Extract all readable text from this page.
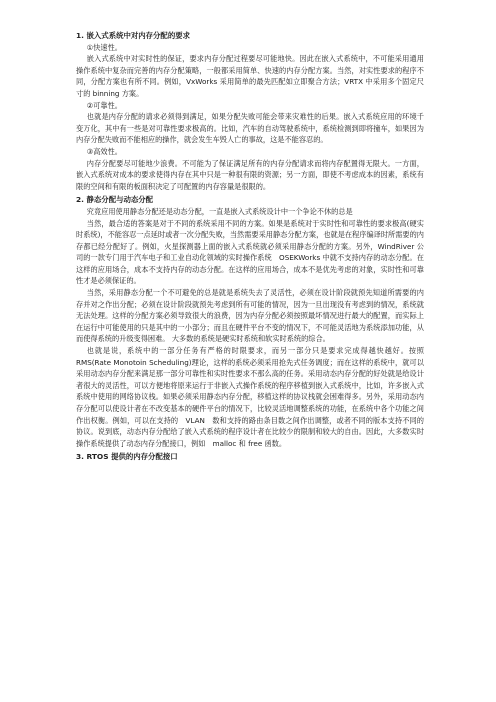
1. 嵌入式系统中对内存分配的要求

①快速性。

嵌入式系统中对实时性的保证，要求内存分配过程要尽可能地快。因此在嵌入式系统中，不可能采用通用操作系统中复杂而完善的内存分配策略，一般都采用简单、快速的内存分配方案。当然，对实性要求的程序不同，分配方案也有所不同。例如，VxWorks 采用简单的最先匹配如立即聚合方法；VRTX 中采用多个固定尺寸的 binning 方案。

②可靠性。

也就是内存分配的请求必须得到满足，如果分配失败可能会带来灾难性的后果。嵌入式系统应用的环境千变万化，其中有一些是对可靠性要求极高的。比如，汽车的自动驾驶系统中，系统检测到即将撞车，如果因为内存分配失败而不能相应的操作，就会发生车毁人亡的事故，这是不能容忍的。

③高效性。

内存分配要尽可能地少浪费。不可能为了保证满足所有的内存分配请求而将内存配置得无限大。一方面，嵌入式系统对成本的要求使得内存在其中只是一种很有限的资源；另一方面，即使不考虑成本的因素，系统有限的空间和有限的板面积决定了可配置的内存容量是很限的。

2. 静态分配与动态分配

究竟应用使用静态分配还是动态分配，一直是嵌入式系统设计中一个争论不休的总是

当然，最合适的答案是对于不同的系统采用不同的方案。如果是系统对于实时性和可靠性的要求极高(硬实时系统)，不能容忍一点延时或者一次分配失败，当然需要采用静态分配方案，也就是在程序编译时所需要的内存都已经分配好了。例如，火星探测器上面的嵌入式系统就必须采用静态分配的方案。另外，WindRiver 公司的一款专门用于汽车电子和工业自动化领域的实时操作系统　OSEKWorks 中就不支持内存的动态分配。在这样的应用场合，成本不支持内存的动态分配。在这样的应用场合，成本不是优先考虑的对象，实时性和可靠性才是必须保证的。

当然，采用静态分配一个不可避免的总是就是系统失去了灵活性，必须在设计阶段就预先知道所需要的内存并对之作出分配；必须在设计阶段就预先考虑到所有可能的情况，因为一旦出现没有考虑到的情况，系统就无法处理。这样的分配方案必须导致很大的浪费，因为内存分配必须按照最坏情况进行最大的配置，而实际上在运行中可能使用的只是其中的一小部分；而且在硬件平台不变的情况下，不可能灵活地为系统添加功能，从而使得系统的升级变得困难。 大多数的系统是硬实时系统和软实时系统的综合。

也就是说，系统中的一部分任务有严格的时限要求，而另一部分只是要求完成得越快越好。按照 RMS(Rate Monotoin Scheduling)理论，这样的系统必须采用抢先式任务调度；而在这样的系统中，就可以采用动态内存分配来满足那一部分可靠性和实时性要求不那么高的任务。采用动态内存分配的好处就是给设计者很大的灵活性，可以方便地将原来运行于非嵌入式操作系统的程序移植到嵌入式系统中，比如，许多嵌入式系统中使用的网络协议栈。如果必须采用静态内存分配，移植这样的协议栈就会困难得多。另外，采用动态内存分配可以使设计者在不改变基本的硬件平台的情况下，比较灵活地调整系统的功能，在系统中各个功能之间作出权衡。例如，可以在支持的　VLAN　数和支持的路由条目数之间作出调整，或者不同的版本支持不同的协议。说到底，动态内存分配给了嵌入式系统的程序设计者在比较少的限制和较大的自由。因此，大多数实时操作系统提供了动态内存分配接口，例如　malloc 和 free 函数。

3. RTOS 提供的内存分配接口
